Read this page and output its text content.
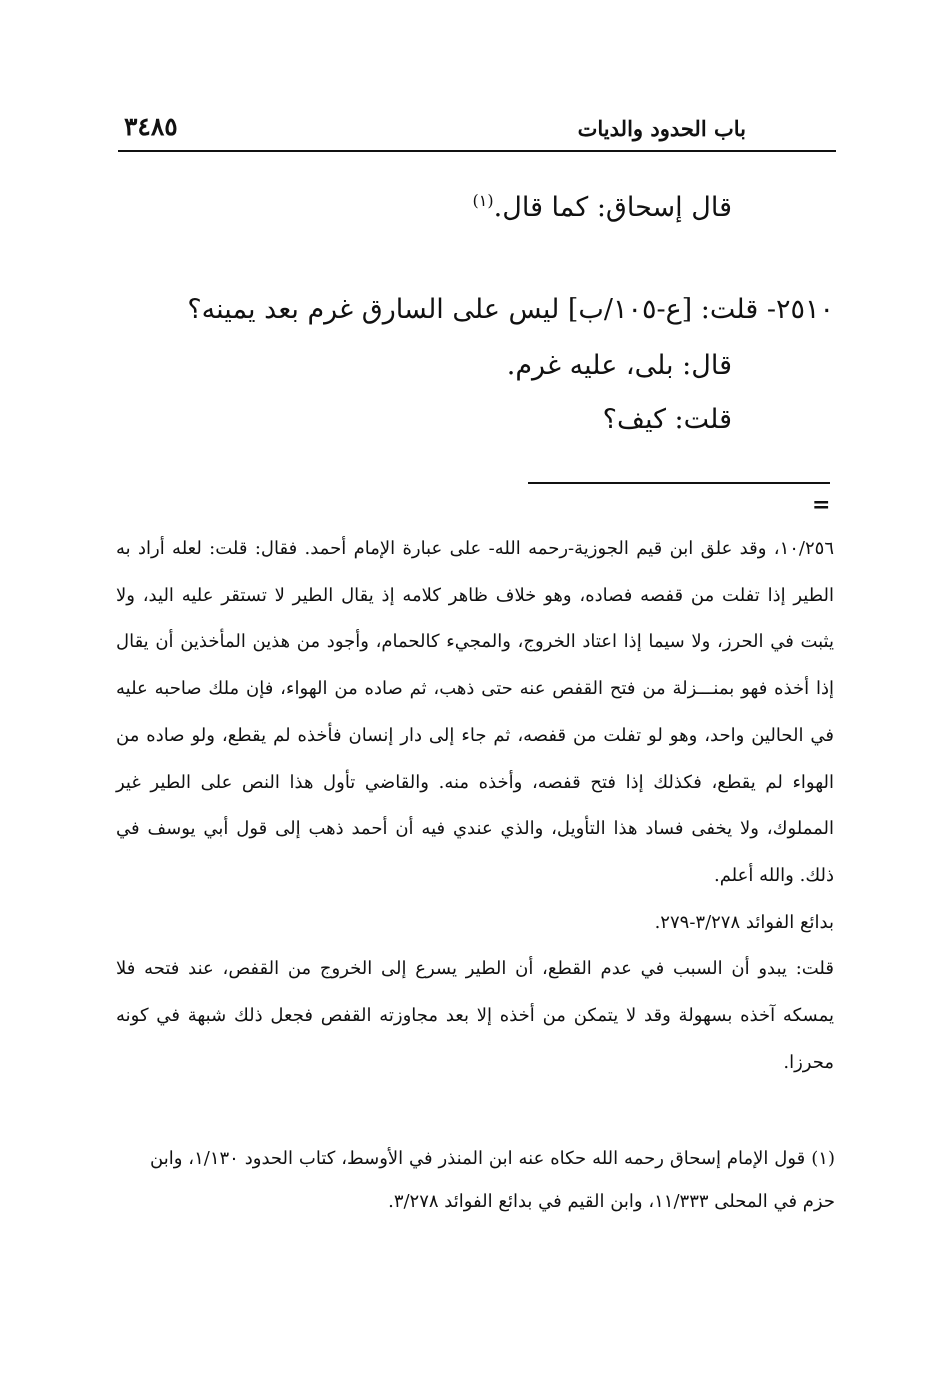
باب الحدود والديات
٣٤٨٥
قال إسحاق: كما قال.$^{(١)}$
٢٥١٠- قلت: [ع-١٠٥/ب] ليس على السارق غرم بعد يمينه؟
قال: بلى، عليه غرم.
قلت: كيف؟
=

١٠/٢٥٦، وقد علق ابن قيم الجوزية-رحمه الله- على عبارة الإمام أحمد. فقال: قلت: لعله أراد به الطير إذا تفلت من قفصه فصاده، وهو خلاف ظاهر كلامه إذ يقال الطير لا تستقر عليه اليد، ولا يثبت في الحرز، ولا سيما إذا اعتاد الخروج، والمجيء كالحمام، وأجود من هذين المأخذين أن يقال إذا أخذه فهو بمنـــزلة من فتح القفص عنه حتى ذهب، ثم صاده من الهواء، فإن ملك صاحبه عليه في الحالين واحد، وهو لو تفلت من قفصه، ثم جاء إلى دار إنسان فأخذه لم يقطع، ولو صاده من الهواء لم يقطع، فكذلك إذا فتح قفصه، وأخذه منه. والقاضي تأول هذا النص على الطير غير المملوك، ولا يخفى فساد هذا التأويل، والذي عندي فيه أن أحمد ذهب إلى قول أبي يوسف في ذلك. والله أعلم.

بدائع الفوائد ٣/٢٧٨-٢٧٩.

قلت: يبدو أن السبب في عدم القطع، أن الطير يسرع إلى الخروج من القفص، عند فتحه فلا يمسكه آخذه بسهولة وقد لا يتمكن من أخذه إلا بعد مجاوزته القفص فجعل ذلك شبهة في كونه محرزا.

(١)قول الإمام إسحاق رحمه الله حكاه عنه ابن المنذر في الأوسط، كتاب الحدود ١/١٣٠، وابن حزم في المحلى ١١/٣٣٣، وابن القيم في بدائع الفوائد ٣/٢٧٨.
